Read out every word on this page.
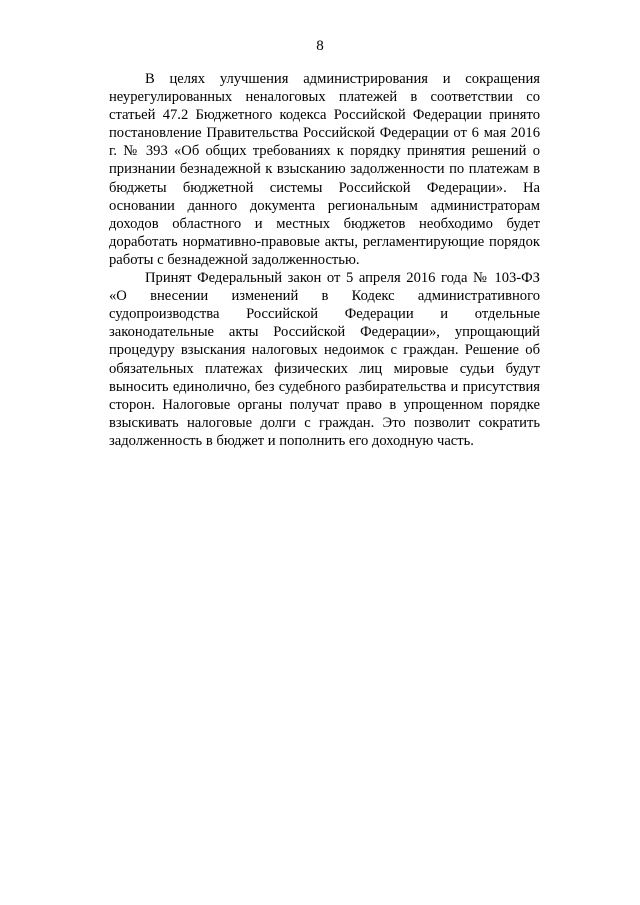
8

В целях улучшения администрирования и сокращения неурегулированных неналоговых платежей в соответствии со статьей 47.2 Бюджетного кодекса Российской Федерации принято постановление Правительства Российской Федерации от 6 мая 2016 г. № 393 «Об общих требованиях к порядку принятия решений о признании безнадежной к взысканию задолженности по платежам в бюджеты бюджетной системы Российской Федерации». На основании данного документа региональным администраторам доходов областного и местных бюджетов необходимо будет доработать нормативно-правовые акты, регламентирующие порядок работы с безнадежной задолженностью.

Принят Федеральный закон от 5 апреля 2016 года № 103-ФЗ «О внесении изменений в Кодекс административного судопроизводства Российской Федерации и отдельные законодательные акты Российской Федерации», упрощающий процедуру взыскания налоговых недоимок с граждан. Решение об обязательных платежах физических лиц мировые судьи будут выносить единолично, без судебного разбирательства и присутствия сторон. Налоговые органы получат право в упрощенном порядке взыскивать налоговые долги с граждан. Это позволит сократить задолженность в бюджет и пополнить его доходную часть.
